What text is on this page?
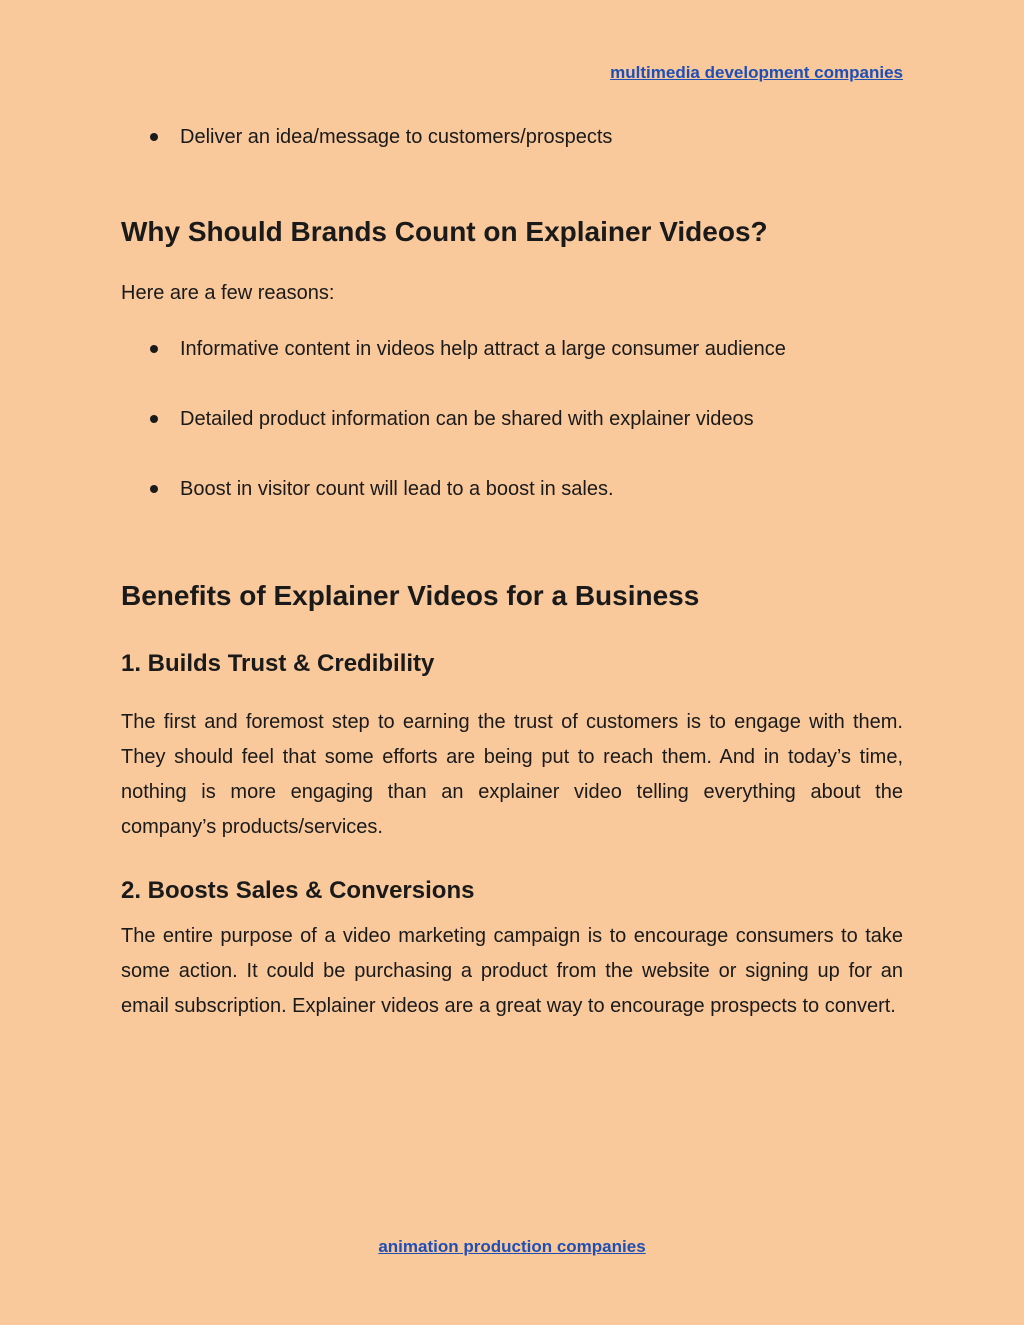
multimedia development companies
Deliver an idea/message to customers/prospects
Why Should Brands Count on Explainer Videos?

Here are a few reasons:

Informative content in videos help attract a large consumer audience
Detailed product information can be shared with explainer videos
Boost in visitor count will lead to a boost in sales.
Benefits of Explainer Videos for a Business
1. Builds Trust & Credibility

The first and foremost step to earning the trust of customers is to engage with them. They should feel that some efforts are being put to reach them. And in today’s time, nothing is more engaging than an explainer video telling everything about the company’s products/services.

2. Boosts Sales & Conversions

The entire purpose of a video marketing campaign is to encourage consumers to take some action. It could be purchasing a product from the website or signing up for an email subscription. Explainer videos are a great way to encourage prospects to convert.

animation production companies
